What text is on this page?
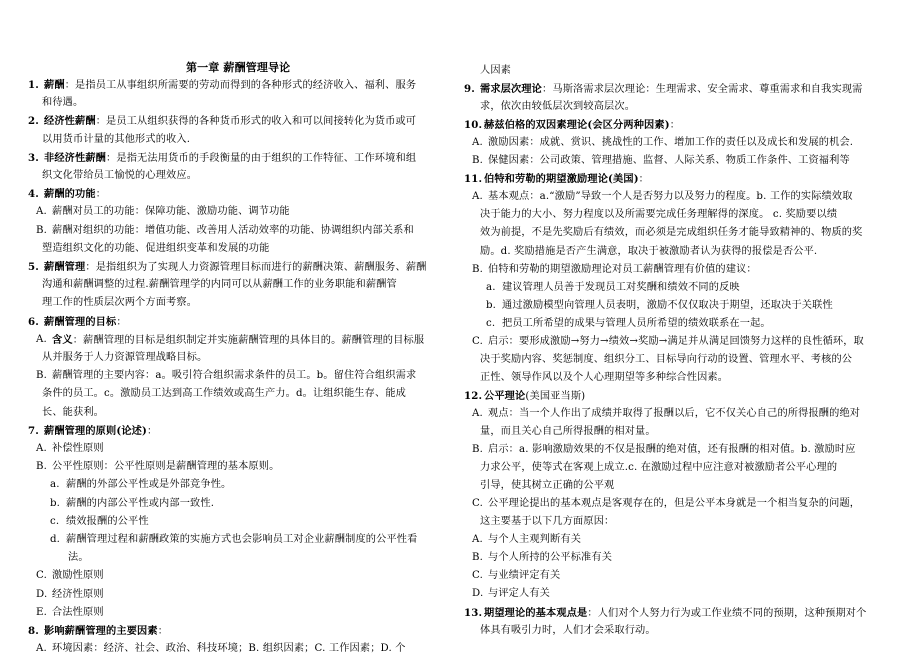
第一章 薪酬管理导论
1. 薪酬：是指员工从事组织所需要的劳动而得到的各种形式的经济收入、福利、服务
和待遇。
2. 经济性薪酬：是员工从组织获得的各种货币形式的收入和可以间接转化为货币或可
以用货币计量的其他形式的收入.
3. 非经济性薪酬：是指无法用货币的手段衡量的由于组织的工作特征、工作环境和组
织文化带给员工愉悦的心理效应。
4. 薪酬的功能：
A. 薪酬对员工的功能：保障功能、激励功能、调节功能
B. 薪酬对组织的功能：增值功能、改善用人活动效率的功能、协调组织内部关系和
塑造组织文化的功能、促进组织变革和发展的功能
5. 薪酬管理：是指组织为了实现人力资源管理目标而进行的薪酬决策、薪酬服务、薪酬
沟通和薪酬调整的过程.薪酬管理学的内同可以从薪酬工作的业务职能和薪酬管
理工作的性质层次两个方面考察。
6. 薪酬管理的目标：
A. 含义：薪酬管理的目标是组织制定并实施薪酬管理的具体目的。薪酬管理的目标服
从并服务于人力资源管理战略目标。
B. 薪酬管理的主要内容：a。吸引符合组织需求条件的员工。b。留住符合组织需求
条件的员工。c。激励员工达到高工作绩效或高生产力。d。让组织能生存、能成
长、能获利。
7. 薪酬管理的原则(论述)：
A. 补偿性原则
B. 公平性原则：公平性原则是薪酬管理的基本原则。
a. 薪酬的外部公平性或是外部竞争性。
b. 薪酬的内部公平性或内部一致性.
c. 绩效报酬的公平性
d. 薪酬管理过程和薪酬政策的实施方式也会影响员工对企业薪酬制度的公平性看
法。
C. 激励性原则
D. 经济性原则
E. 合法性原则
8. 影响薪酬管理的主要因素：
A. 环境因素：经济、社会、政治、科技环境；B. 组织因素；C. 工作因素；D. 个
人因素
9. 需求层次理论：马斯洛需求层次理论：生理需求、安全需求、尊重需求和自我实现需
求，依次由较低层次到较高层次。
10. 赫兹伯格的双因素理论(会区分两种因素)：
A. 激励因素：成就、赏识、挑战性的工作、增加工作的责任以及成长和发展的机会.
B. 保健因素：公司政策、管理措施、监督、人际关系、物质工作条件、工资福利等
11. 伯特和劳勒的期望激励理论(美国)：
A. 基本观点：a.“激励”导致一个人是否努力以及努力的程度。b. 工作的实际绩效取
决于能力的大小、努力程度以及所需要完成任务理解得的深度。 c. 奖励要以绩
效为前提，不是先奖励后有绩效，而必须是完成组织任务才能导致精神的、物质的奖
励。d. 奖励措施是否产生满意，取决于被激励者认为获得的报偿是否公平.
B. 伯特和劳勒的期望激励理论对员工薪酬管理有价值的建议：
a. 建议管理人员善于发现员工对奖酬和绩效不同的反映
b. 通过激励模型向管理人员表明，激励不仅仅取决于期望，还取决于关联性
c. 把员工所希望的成果与管理人员所希望的绩效联系在一起。
C. 启示：要形成激励→努力→绩效→奖励→满足并从满足回馈努力这样的良性循环，取
决于奖励内容、奖惩制度、组织分工、目标导向行动的设置、管理水平、考核的公
正性、领导作风以及个人心理期望等多种综合性因素。
12. 公平理论(美国亚当斯)
A. 观点：当一个人作出了成绩并取得了报酬以后，它不仅关心自己的所得报酬的绝对
量，而且关心自己所得报酬的相对量。
B. 启示：a. 影响激励效果的不仅是报酬的绝对值，还有报酬的相对值。b. 激励时应
力求公平，使等式在客观上成立.c. 在激励过程中应注意对被激励者公平心理的
引导，使其树立正确的公平观
C. 公平理论提出的基本观点是客观存在的，但是公平本身就是一个相当复杂的问题，
这主要基于以下几方面原因：
A. 与个人主观判断有关
B. 与个人所持的公平标准有关
C. 与业绩评定有关
D. 与评定人有关
13. 期望理论的基本观点是：人们对个人努力行为或工作业绩不同的预期，这种预期对个
体具有吸引力时，人们才会采取行动。
